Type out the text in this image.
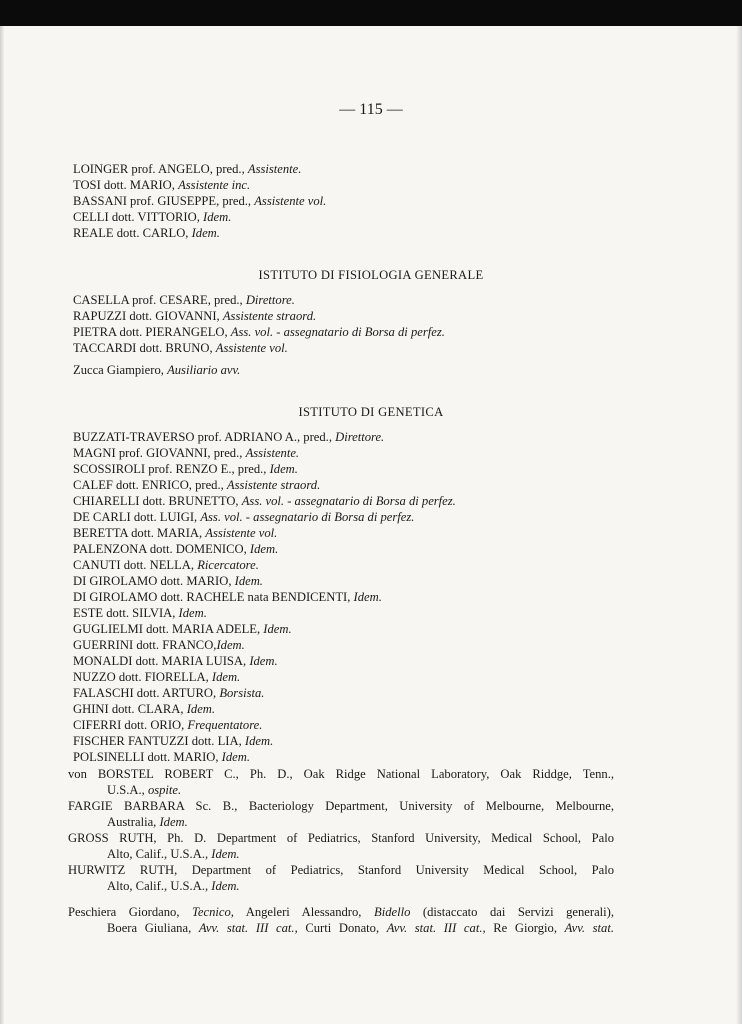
— 115 —
LOINGER prof. ANGELO, pred., Assistente.
TOSI dott. MARIO, Assistente inc.
BASSANI prof. GIUSEPPE, pred., Assistente vol.
CELLI dott. VITTORIO, Idem.
REALE dott. CARLO, Idem.
ISTITUTO DI FISIOLOGIA GENERALE
CASELLA prof. CESARE, pred., Direttore.
RAPUZZI dott. GIOVANNI, Assistente straord.
PIETRA dott. PIERANGELO, Ass. vol. - assegnatario di Borsa di perfez.
TACCARDI dott. BRUNO, Assistente vol.
Zucca Giampiero, Ausiliario avv.
ISTITUTO DI GENETICA
BUZZATI-TRAVERSO prof. ADRIANO A., pred., Direttore.
MAGNI prof. GIOVANNI, pred., Assistente.
SCOSSIROLI prof. RENZO E., pred., Idem.
CALEF dott. ENRICO, pred., Assistente straord.
CHIARELLI dott. BRUNETTO, Ass. vol. - assegnatario di Borsa di perfez.
DE CARLI dott. LUIGI, Ass. vol. - assegnatario di Borsa di perfez.
BERETTA dott. MARIA, Assistente vol.
PALENZONA dott. DOMENICO, Idem.
CANUTI dott. NELLA, Ricercatore.
DI GIROLAMO dott. MARIO, Idem.
DI GIROLAMO dott. RACHELE nata BENDICENTI, Idem.
ESTE dott. SILVIA, Idem.
GUGLIELMI dott. MARIA ADELE, Idem.
GUERRINI dott. FRANCO,Idem.
MONALDI dott. MARIA LUISA, Idem.
NUZZO dott. FIORELLA, Idem.
FALASCHI dott. ARTURO, Borsista.
GHINI dott. CLARA, Idem.
CIFERRI dott. ORIO, Frequentatore.
FISCHER FANTUZZI dott. LIA, Idem.
POLSINELLI dott. MARIO, Idem.
von BORSTEL ROBERT C., Ph. D., Oak Ridge National Laboratory, Oak Riddge, Tenn.,
U.S.A., ospite.
FARGIE BARBARA Sc. B., Bacteriology Department, University of Melbourne, Melbourne,
Australia, Idem.
GROSS RUTH, Ph. D. Department of Pediatrics, Stanford University, Medical School, Palo
Alto, Calif., U.S.A., Idem.
HURWITZ RUTH, Department of Pediatrics, Stanford University Medical School, Palo
Alto, Calif., U.S.A., Idem.
Peschiera Giordano, Tecnico, Angeleri Alessandro, Bidello (distaccato dai Servizi generali),
Boera Giuliana, Avv. stat. III cat., Curti Donato, Avv. stat. III cat., Re Giorgio, Avv. stat.
